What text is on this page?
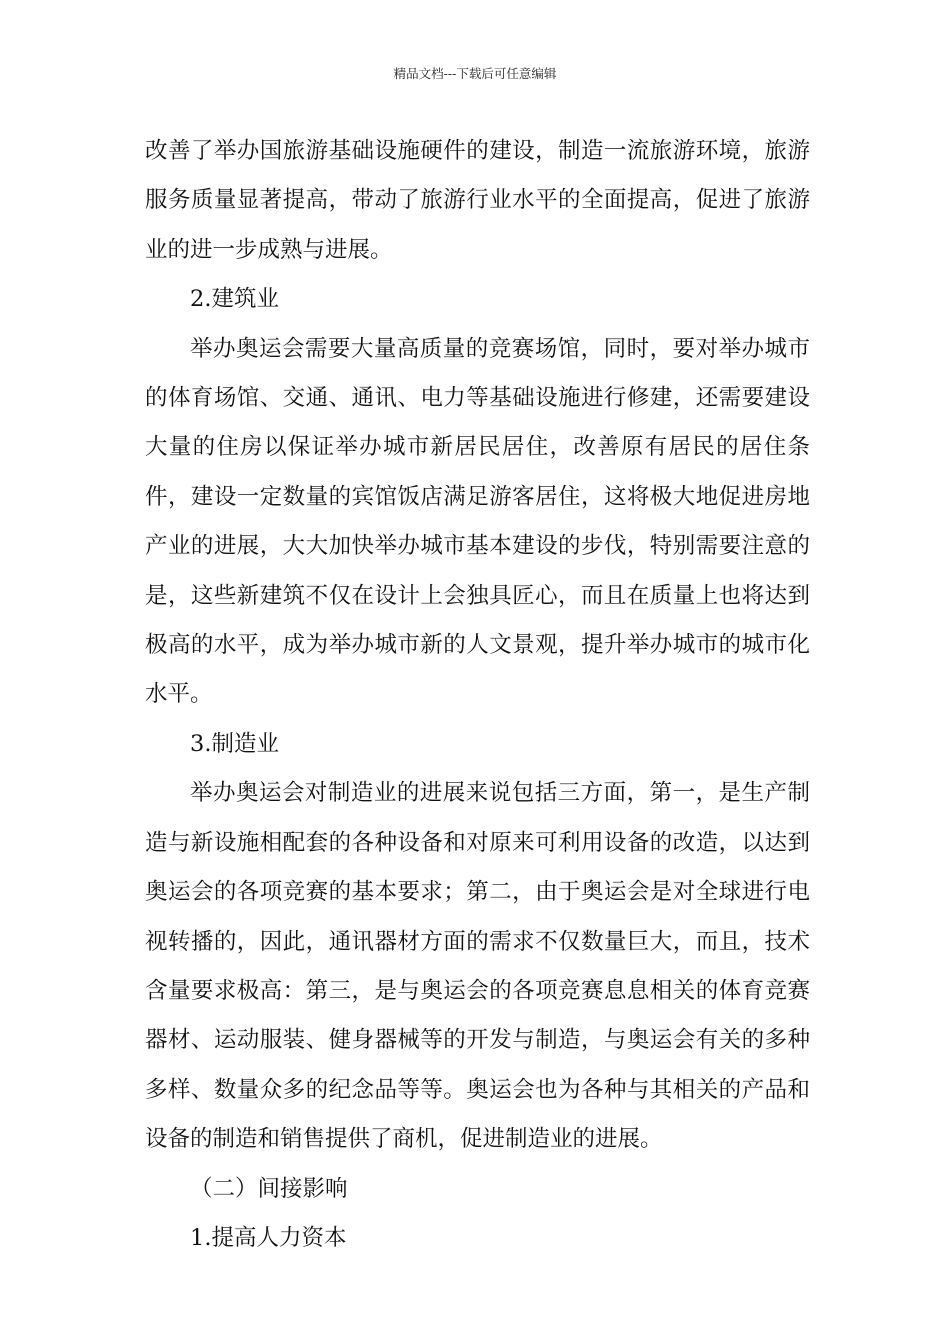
精品文档---下载后可任意编辑

改善了举办国旅游基础设施硬件的建设，制造一流旅游环境，旅游服务质量显著提高，带动了旅游行业水平的全面提高，促进了旅游业的进一步成熟与进展。

2.建筑业

举办奥运会需要大量高质量的竞赛场馆，同时，要对举办城市的体育场馆、交通、通讯、电力等基础设施进行修建，还需要建设大量的住房以保证举办城市新居民居住，改善原有居民的居住条件，建设一定数量的宾馆饭店满足游客居住，这将极大地促进房地产业的进展，大大加快举办城市基本建设的步伐，特别需要注意的是，这些新建筑不仅在设计上会独具匠心，而且在质量上也将达到极高的水平，成为举办城市新的人文景观，提升举办城市的城市化水平。

3.制造业

举办奥运会对制造业的进展来说包括三方面，第一，是生产制造与新设施相配套的各种设备和对原来可利用设备的改造，以达到奥运会的各项竞赛的基本要求；第二，由于奥运会是对全球进行电视转播的，因此，通讯器材方面的需求不仅数量巨大，而且，技术含量要求极高：第三，是与奥运会的各项竞赛息息相关的体育竞赛器材、运动服装、健身器械等的开发与制造，与奥运会有关的多种多样、数量众多的纪念品等等。奥运会也为各种与其相关的产品和设备的制造和销售提供了商机，促进制造业的进展。

（二）间接影响

1.提高人力资本
